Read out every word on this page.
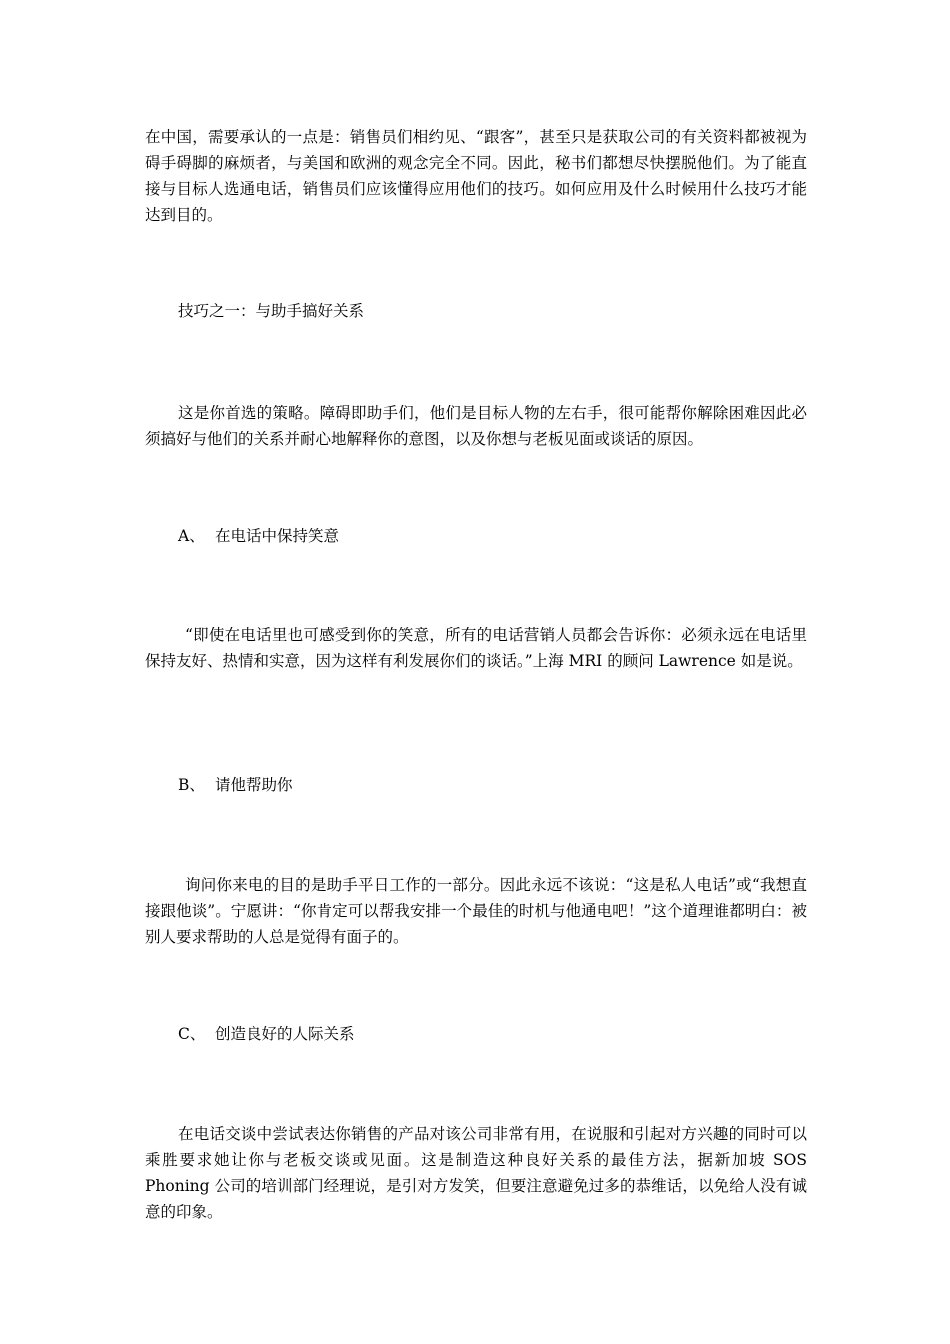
在中国，需要承认的一点是：销售员们相约见、“跟客”，甚至只是获取公司的有关资料都被视为碍手碍脚的麻烦者，与美国和欧洲的观念完全不同。因此，秘书们都想尽快摆脱他们。为了能直接与目标人选通电话，销售员们应该懂得应用他们的技巧。如何应用及什么时候用什么技巧才能达到目的。

技巧之一：与助手搞好关系

这是你首选的策略。障碍即助手们，他们是目标人物的左右手，很可能帮你解除困难因此必须搞好与他们的关系并耐心地解释你的意图，以及你想与老板见面或谈话的原因。

A、 在电话中保持笑意

“即使在电话里也可感受到你的笑意，所有的电话营销人员都会告诉你：必须永远在电话里保持友好、热情和实意，因为这样有利发展你们的谈话。”上海 MRI 的顾问 Lawrence 如是说。

B、 请他帮助你

询问你来电的目的是助手平日工作的一部分。因此永远不该说：“这是私人电话”或“我想直接跟他谈”。宁愿讲：“你肯定可以帮我安排一个最佳的时机与他通电吧！”这个道理谁都明白：被别人要求帮助的人总是觉得有面子的。

C、 创造良好的人际关系

在电话交谈中尝试表达你销售的产品对该公司非常有用，在说服和引起对方兴趣的同时可以乘胜要求她让你与老板交谈或见面。这是制造这种良好关系的最佳方法，据新加坡 SOS Phoning 公司的培训部门经理说，是引对方发笑，但要注意避免过多的恭维话，以免给人没有诚意的印象。
